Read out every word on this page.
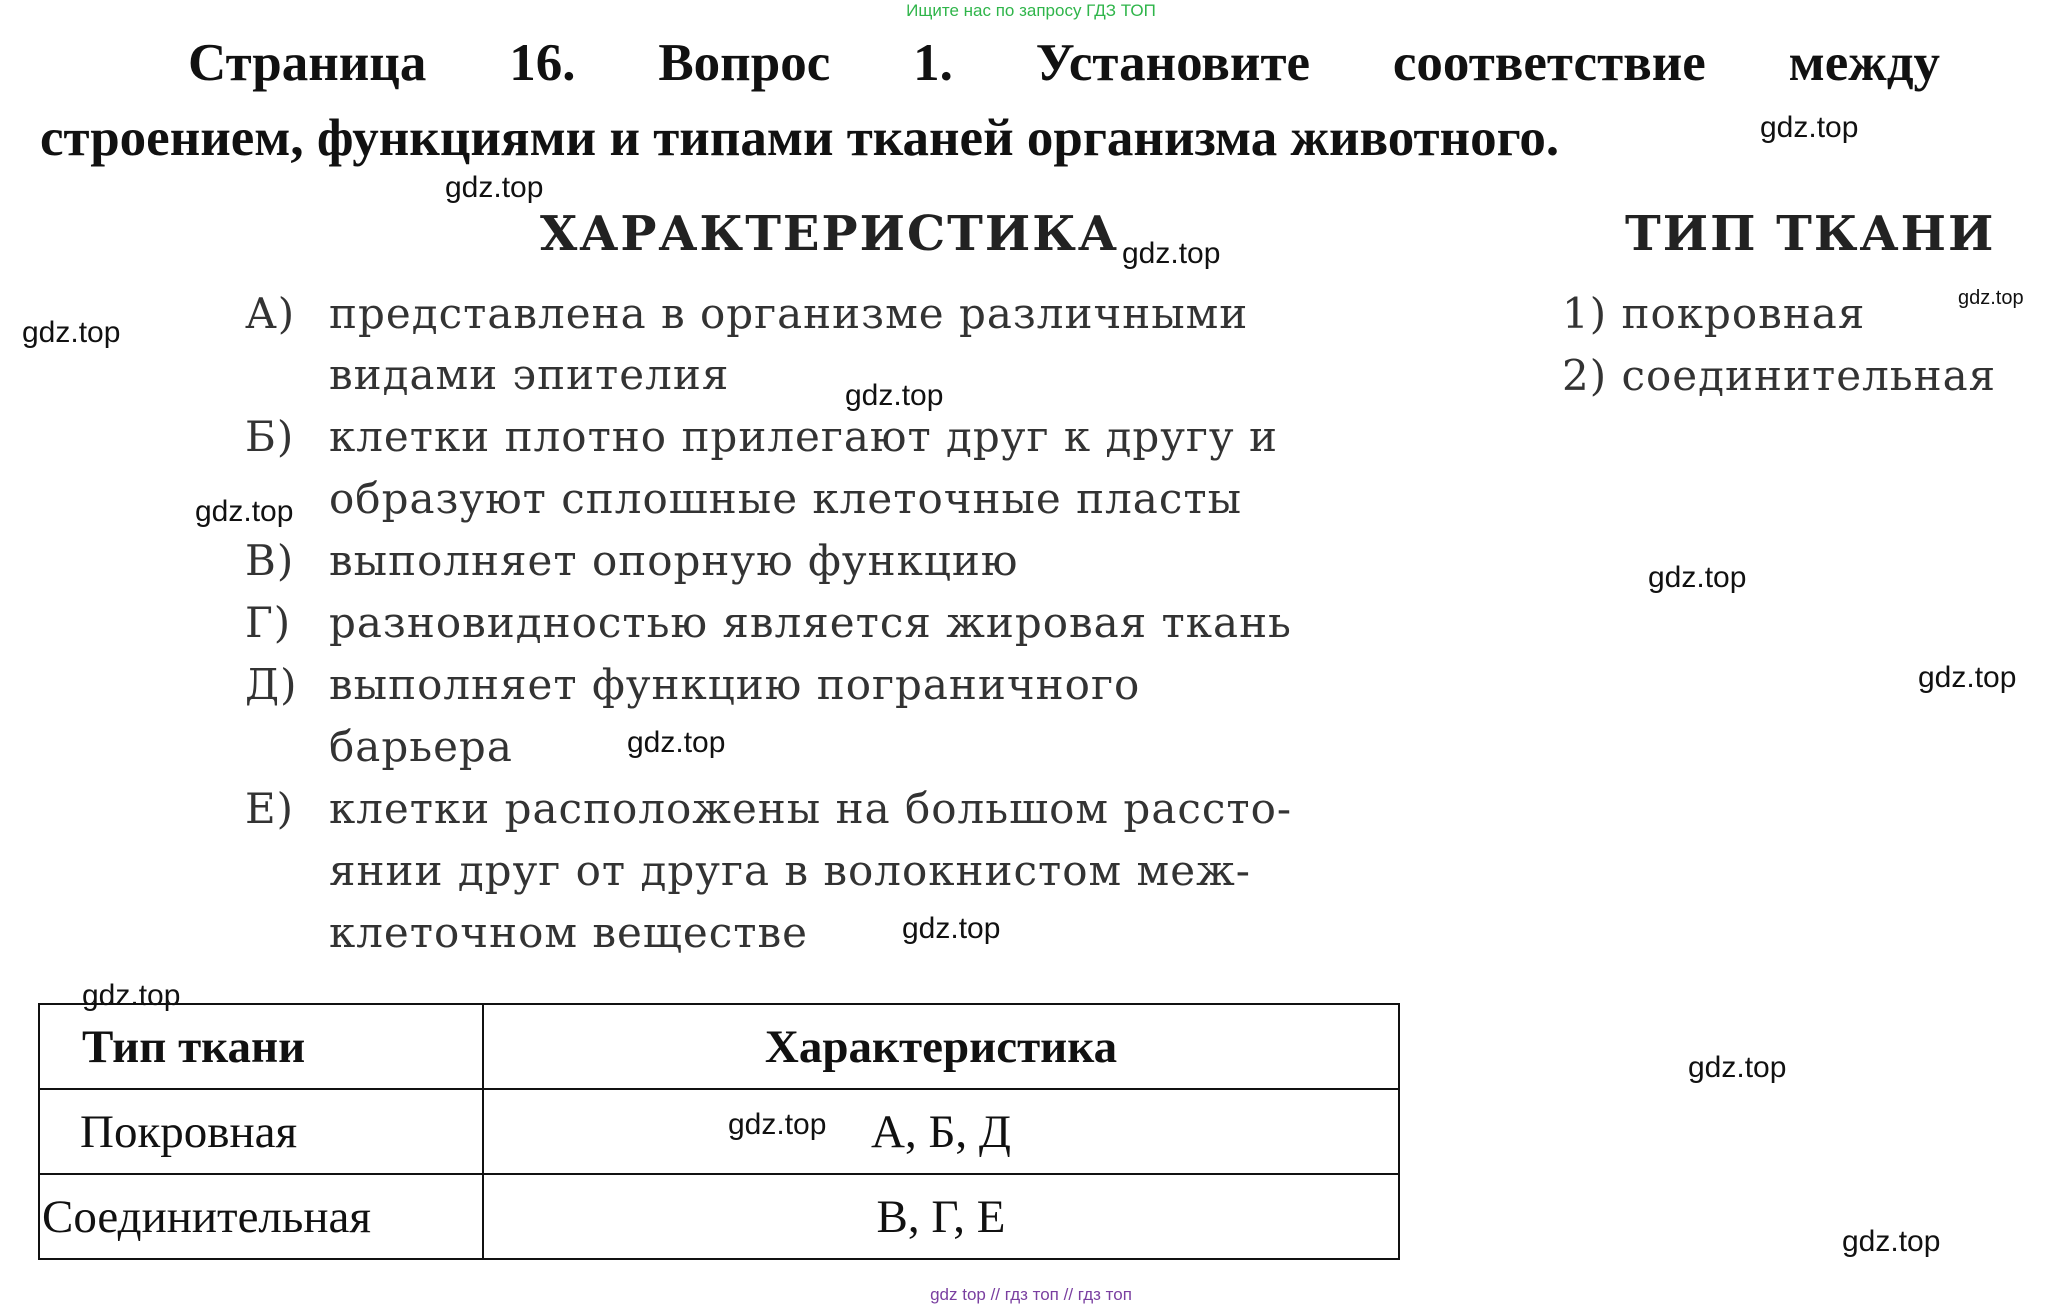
Ищите нас по запросу ГДЗ ТОП
Страница 16. Вопрос 1. Установите соответствие между
строением, функциями и типами тканей организма животного.
ХАРАКТЕРИСТИКА	ТИП ТКАНИ
А) представлена в организме различными
видами эпителия
Б) клетки плотно прилегают друг к другу и
образуют сплошные клеточные пласты
В) выполняет опорную функцию
Г) разновидностью является жировая ткань
Д) выполняет функцию пограничного
барьера
Е) клетки расположены на большом рассто-
янии друг от друга в волокнистом меж-
клеточном веществе
1) покровная
2) соединительная
Тип ткани	Характеристика
Покровная	А, Б, Д
Соединительная	В, Г, Е
gdz.top
gdz.top
gdz.top
gdz.top
gdz.top
gdz.top
gdz.top
gdz.top
gdz.top
gdz.top
gdz.top
gdz.top
gdz.top
gdz.top
gdz.top
gdz top // гдз топ // гдз топ
